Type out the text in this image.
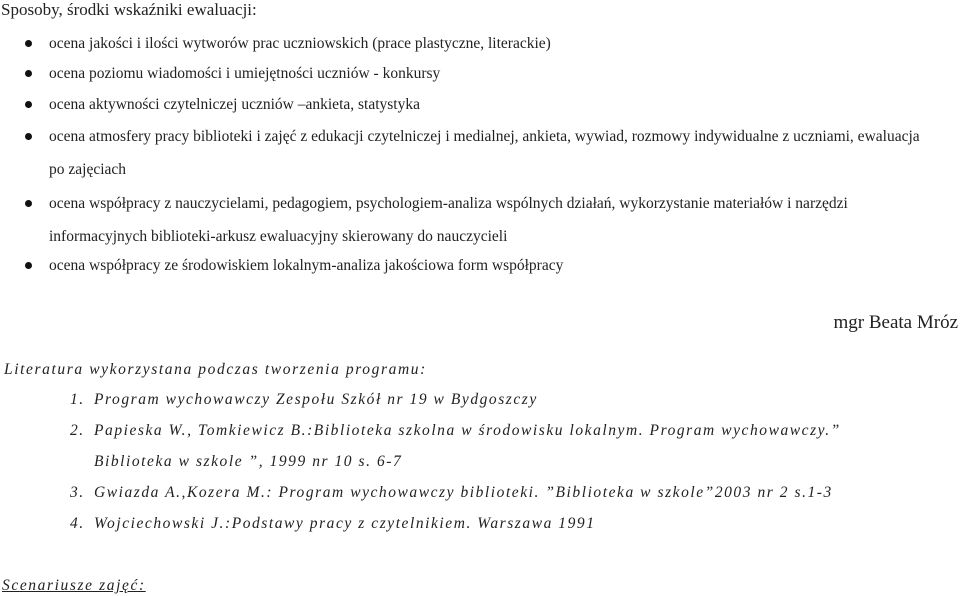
Sposoby, środki wskaźniki ewaluacji:
ocena jakości i ilości wytworów prac uczniowskich (prace plastyczne, literackie)
ocena poziomu wiadomości i umiejętności uczniów - konkursy
ocena aktywności czytelniczej uczniów –ankieta, statystyka
ocena atmosfery pracy biblioteki i zajęć z edukacji czytelniczej i medialnej, ankieta, wywiad, rozmowy indywidualne z uczniami, ewaluacja po zajęciach
ocena współpracy z nauczycielami, pedagogiem, psychologiem-analiza wspólnych działań, wykorzystanie materiałów i narzędzi informacyjnych biblioteki-arkusz ewaluacyjny skierowany do nauczycieli
ocena współpracy ze środowiskiem lokalnym-analiza jakościowa form współpracy
mgr Beata Mróz
Literatura wykorzystana podczas tworzenia programu:
1. Program wychowawczy Zespołu Szkół nr 19 w Bydgoszczy
2. Papieska W., Tomkiewicz B.:Biblioteka szkolna w środowisku lokalnym. Program wychowawczy.”
Biblioteka w szkole ”, 1999 nr 10 s. 6-7
3. Gwiazda A.,Kozera M.: Program wychowawczy biblioteki. ”Biblioteka w szkole”2003 nr 2 s.1-3
4. Wojciechowski J.:Podstawy pracy z czytelnikiem. Warszawa 1991
Scenariusze zajęć:
